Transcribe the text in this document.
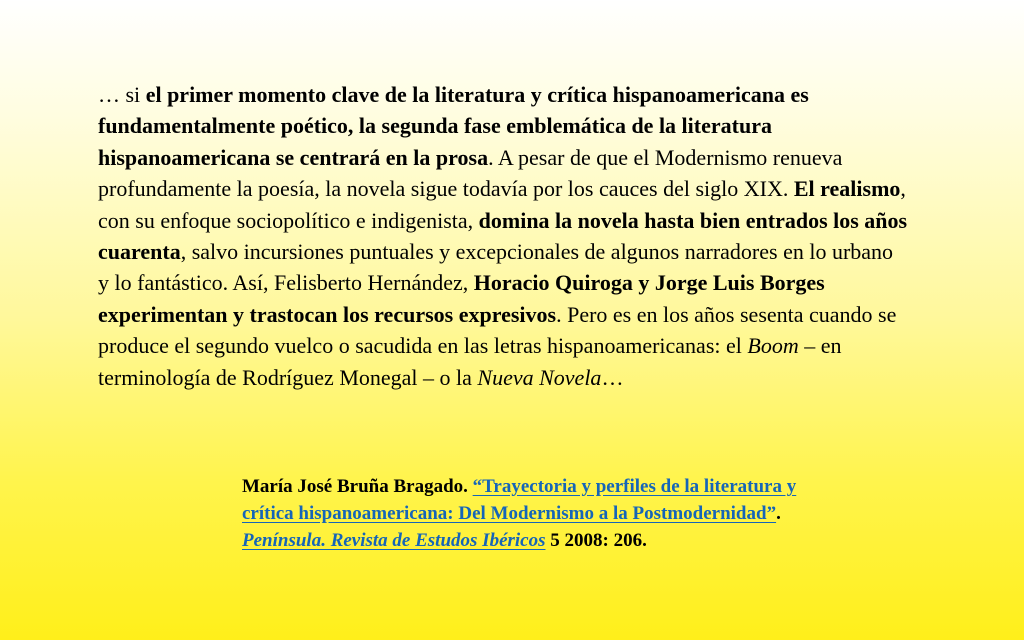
… si el primer momento clave de la literatura y crítica hispanoamericana es fundamentalmente poético, la segunda fase emblemática de la literatura hispanoamericana se centrará en la prosa. A pesar de que el Modernismo renueva profundamente la poesía, la novela sigue todavía por los cauces del siglo XIX. El realismo, con su enfoque sociopolítico e indigenista, domina la novela hasta bien entrados los años cuarenta, salvo incursiones puntuales y excepcionales de algunos narradores en lo urbano y lo fantástico. Así, Felisberto Hernández, Horacio Quiroga y Jorge Luis Borges experimentan y trastocan los recursos expresivos. Pero es en los años sesenta cuando se produce el segundo vuelco o sacudida en las letras hispanoamericanas: el Boom – en terminología de Rodríguez Monegal – o la Nueva Novela…

María José Bruña Bragado. “Trayectoria y perfiles de la literatura y crítica hispanoamericana: Del Modernismo a la Postmodernidad”. Península. Revista de Estudos Ibéricos 5 2008: 206.
